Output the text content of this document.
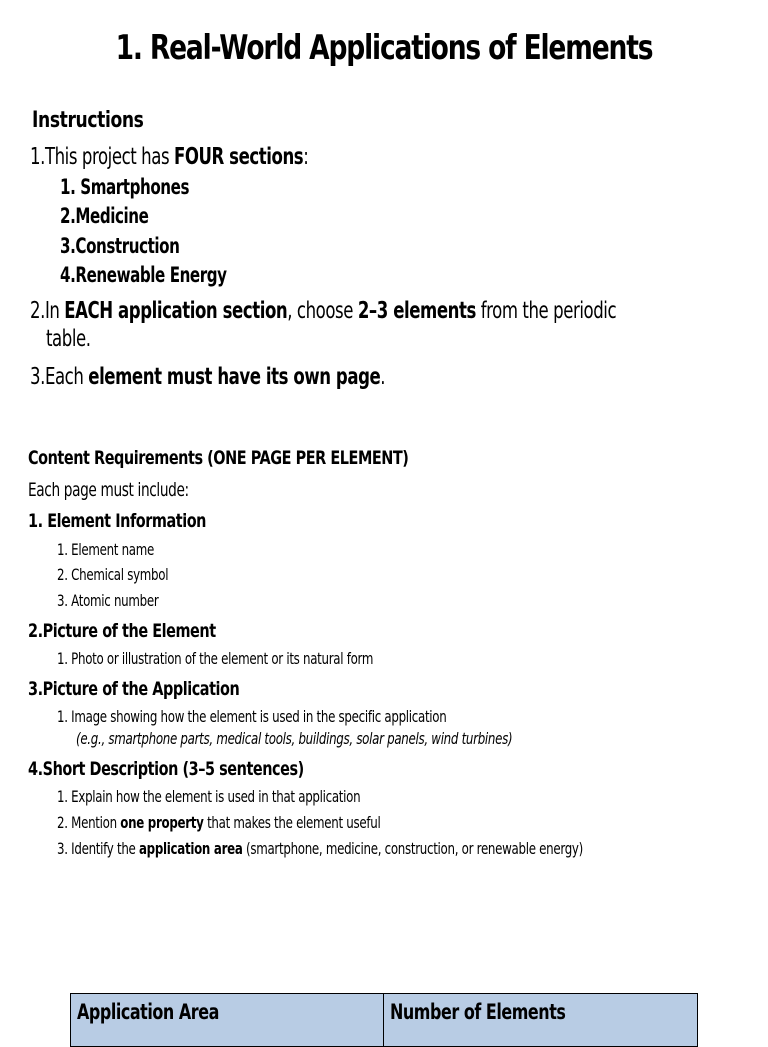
1. Real-World Applications of Elements
Instructions
1.This project has FOUR sections:
1. Smartphones
2.Medicine
3.Construction
4.Renewable Energy
2.In EACH application section, choose 2–3 elements from the periodic
table.
3.Each element must have its own page.
Content Requirements (ONE PAGE PER ELEMENT)
Each page must include:
1. Element Information
1. Element name
2. Chemical symbol
3. Atomic number
2.Picture of the Element
1. Photo or illustration of the element or its natural form
3.Picture of the Application
1. Image showing how the element is used in the specific application
(e.g., smartphone parts, medical tools, buildings, solar panels, wind turbines)
4.Short Description (3–5 sentences)
1. Explain how the element is used in that application
2. Mention one property that makes the element useful
3. Identify the application area (smartphone, medicine, construction, or renewable energy)
Application Area	Number of Elements
